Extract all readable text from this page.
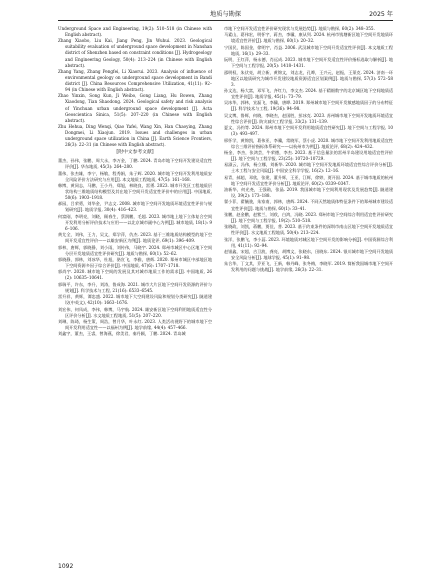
地质与勘探	2025 年

Underground Space and Engineering, 19(2): 510–518 (in Chinese with English abstract).

Zhang Xiaobo, Liu Kai, Jiang Peng, Jin Wuhui. 2023. Geological suitability evaluation of underground space development in Nanshan district of Shenzhen based on constraint conditions [J]. Hydrogeology and Engineering Geology, 50(4): 213–224 (in Chinese with English abstract).

Zhang Yang, Zhang Pengfei, Li Xiaorui. 2023. Analysis of influence of environmental geology on underground space development in Bandi district [J]. China Resources Comprehensive Utilization, 41(11): 92–94 (in Chinese with English abstract).

Zhao Yinxin, Song Kun, Ji Weibo, Gong Liang, Hu Bowen, Zhang Xiaodong, Tian Shaodong. 2024. Geological safety and risk analysis of Yinchuan urban underground space development [J]. Acta Geoscientica Sinica, 51(5): 207–220 (in Chinese with English abstract).

Zhu Hehua, Ding Wenqi, Qiao Yafei, Wang Xin, Han Chaoying, Zhang Dongmei, Li Xiaojun. 2019. Issues and challenges in urban underground space utilization in China [J]. Earth Science Frontiers, 26(3): 22–31 (in Chinese with English abstract).

[附中文参考文献]

董杰，孙伟，张鹏，周大永，李万金，丁鹏. 2024. 青岛市地下空间开发建设适宜性评价[J]. 华东地质, 45(3): 264–280.

董伟，张杰雄，李宁，杨敏，程秀娟，朱子辉. 2020. 城市地下空间开发利用地质安全风险评价方法研究与应用[J]. 本文地质工程地质, 47(5): 161–168.

韩博，黄同志，马鹏，王小丹，郑旭，林晓良，雷勇. 2023. 城市开发区工程地质层状结构三维地质结构模型及其在地下空间开发适宜性评价中的应用[J]. 中国地质, 50(6): 1903–1918.

郝园，吕荣勇，刘华金，尹志文. 2008. 城市地下空间开发地质环境适宜性评价与规划研究[J]. 地质学报, 30(4): 416–423.

何富刚，李明亮，刘晓，顾春生，蔡润鹏，毛超. 2023. 城市地上地下立体复合空间开发利用分析评价技术与应用——以北京城市副中心为例[J]. 城市地质, 18(1): 96–106.

黄尤全，刘伟，王力，吴文，郑学萍，仇杰. 2023. 基于三维地质结构模型的地下空间开发适宜性评价——以雄安新区为例[J]. 地质论评, 69(1): 396–409.

郭林，唐辉，郭晓静，刘小雨，刘传伟，马晓宇. 2024. 郑州市城区中心区地下空间分层开发地质适宜性评价研究[J]. 地质与勘探, 60(1): 52–62.

郭晓静，郭林，刘冰华，杜旭，骆宣飞，李雅，唐辉. 2020. 郑州市城区中部地区地下空间资源多因子综合评价[J]. 中国地质, 47(6): 1707–1718.

郭尚宇. 2020. 城市地下空间的发展及其对城市地质工作的需求[J]. 中国地质, 26(2): 10635–10641.

郭瑞平，许东，李升，刘涛，鲁成海. 2021. 城市大片区地下空间开发资源的评价与规划[J]. 科学技术与工程, 21(16): 6533–6545.

雷升祥，黄辉，谭忠盛. 2022. 城市地下大空间建设风险和规划分类研究[J]. 隧道建设(中英文), 42(10): 1663–1676.

刘宏伟，何凤成，李伟，韩博，马宇航. 2024. 雄安新区地下空间利用地质适宜性分区评价分析[J]. 水文地质工程地质, 51(5): 207–220.

刘琳，陈琦，杨生策，周浩，曾月华，叶永红. 2023. 人类活动视野下的城市地下空间开发利用适宜性——以福州为例[J]. 地学前缘, 44(4): 457–466.

刘鑫宇，董杰，王睿，曾海燕，徐美君，秦丹颖，丁鹏. 2024. 青岛城

市地下空间开发适宜性评价研究现状与发展趋势[J]. 地质与勘探, 60(2): 348–355.

马素山，葛伟宏，明怀宇，蒋杰，李骥，康从列. 2024. 杭州市钱塘新区地下空间开发地质环境适宜性评价[J]. 地质与勘探, 60(1): 20–32.

宁国民，陈国金，徐明宇，肖益. 2006. 武汉城市地下空间开发适宜性评价[J]. 本文地质工程地质, 16(1): 29–33.

阮明，王红萍，杨永德，肖远成. 2023. 城市地下空间开发适宜性评价指标选取与解析[J]. 地下空间与工程学报, 20(5): 1418–1431.

邵明权，朱伏亮，胡立新，黄锦文，刘志龙，孔晔，王兴元，赵振，王莱克. 2024. 济南一环地区以地质研究为城市开发建设地质资源适宜区划案例[J]. 地质与勘探, 57(3): 572–583.

孙文达，杨大富，邓军飞，齐红力，李文杰. 2024. 基于精细数字的北京城区地下空间地质适宜性评价[J]. 地质学报, 45(1): 73–79.

吴冰华，郭林，宣磊飞，李骥，唐晔. 2019. 郑州城市地下空间开发敏感地质因子的分布特征[J]. 科学技术与工程, 19(36): 94–98.

吴文博，鲁辉，何晓，李晓杰，赵国胜，彭冰克. 2023. 苏州城市地下空间开发地质环境适宜性综合评价[J]. 防灾减灾工程学报, 33(2): 131–139.

夏文，冯钧等. 2024. 郑州市地下空间开发利用地质适宜性研究[J]. 地下空间与工程学报, 10(3): 493–497.

邢怀学，黄锦凯，葛伟亚，李骥，常晓军，蔡小虎. 2020. 城市地下空间开发利用地质适宜性综合三维评价指标体系研究——以杭州市为例[J]. 地质论评, 68(2): 424–432.

杨金，李杰，张鸿芸，牛荣德，李杰. 2023. 基于信息量法的雷州半岛建设用地适宜性评价[J]. 地下空间与工程学报, 23(25): 10720–10729.

易淑云，冯伟，杨立娜，刘新华. 2020. 城市地下空间开发地质环境适宜性综合评价分析[J]. 土木工程与安全风险[J]. 中国安全科学学报, 16(2): 12–16.

易青，郝超，邓欣，张建，董升辉，王亚，江辉，徐婷，贾开国. 2024. 基于城市地质的杭州地下空间开发适宜性评价分析[J]. 地质论评, 60(2): 0339–0347.

油新华，何光尧，王强勋，张晶. 2019. 我国城市地下空间利用现状及发展趋势[J]. 隧道建设, 39(2): 173–188.

翟小菲，翟毓骏，朱家南，郭林，唐辉. 2024. 不同天然地质体特征条件下的郑州城市建设适宜性评价[J]. 地质与勘探, 60(1): 33–41.

张鹏，赵金鹏，赵紫兰，刘欣，白鸿，冯晓. 2023. 郑州市地下空间综合利用适宜性评价研究[J]. 地下空间与工程学报, 19(2): 510–518.

张晓政，刘凯，蒋鹏，贾佳，普. 2023. 基于约束条件的深圳市南山区地下空间开发地质适宜性评价[J]. 水文地质工程地质, 50(4): 213–224.

张洋，张鹏飞，李小蕊. 2023. 环境地质对城区地下空间开发的影响分析[J]. 中国资源综合利用, 41(11): 92–94.

赵银鑫，宋超，吉卫波，龚亮，胡博文，张晓东，田晓东. 2024. 银川城市地下空间开发地质安全风险分析[J]. 地球学报, 45(1): 91–98.

朱合华，丁文其，乔亚飞，王新，韩丹峰，张冬梅，李晓军. 2019. 简析我国城市地下空间开发利用的问题与挑战[J]. 地学前缘, 26(3): 22–31.

1092
